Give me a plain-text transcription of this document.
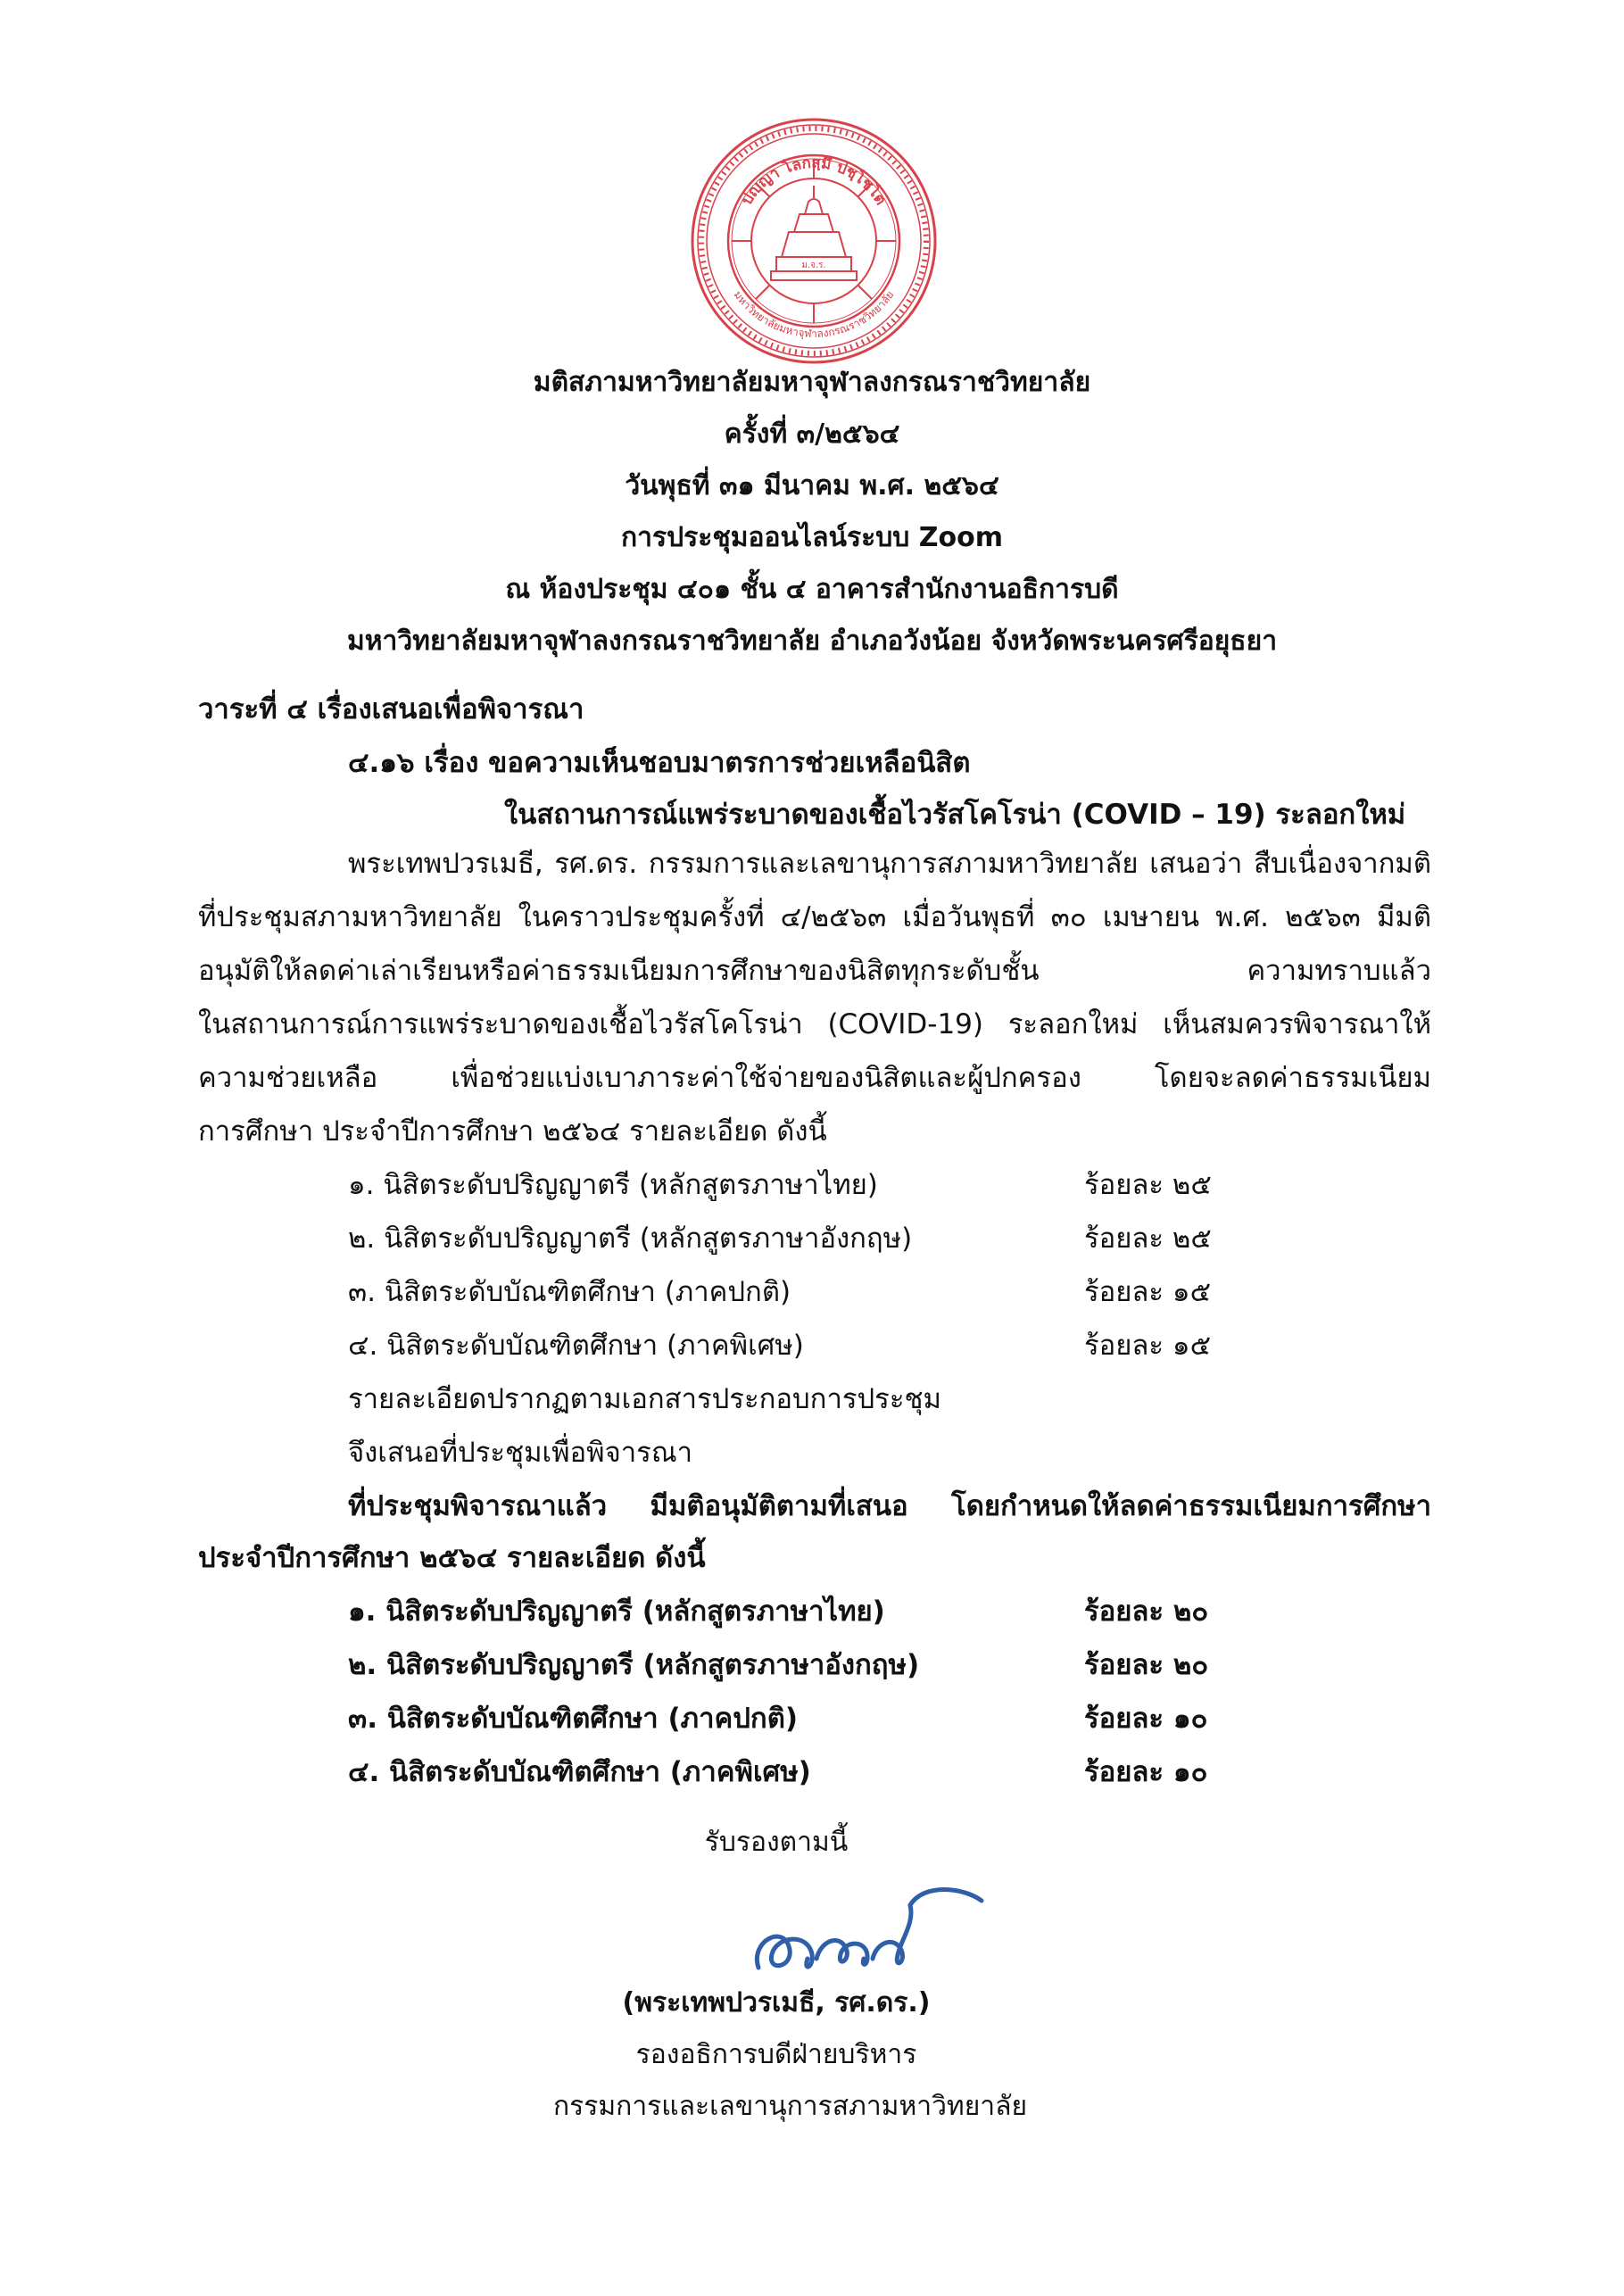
ม.จ.ร.
ปญฺญา โลกสฺมึ ปชฺโชโต
มหาวิทยาลัยมหาจุฬาลงกรณราชวิทยาลัย
มติสภามหาวิทยาลัยมหาจุฬาลงกรณราชวิทยาลัย
ครั้งที่ ๓/๒๕๖๔
วันพุธที่ ๓๑ มีนาคม พ.ศ. ๒๕๖๔
การประชุมออนไลน์ระบบ Zoom
ณ ห้องประชุม ๔๐๑ ชั้น ๔ อาคารสำนักงานอธิการบดี
มหาวิทยาลัยมหาจุฬาลงกรณราชวิทยาลัย อำเภอวังน้อย จังหวัดพระนครศรีอยุธยา
วาระที่ ๔ เรื่องเสนอเพื่อพิจารณา
๔.๑๖ เรื่อง ขอความเห็นชอบมาตรการช่วยเหลือนิสิต
ในสถานการณ์แพร่ระบาดของเชื้อไวรัสโคโรน่า (COVID – 19) ระลอกใหม่
พระเทพปวรเมธี, รศ.ดร. กรรมการและเลขานุการสภามหาวิทยาลัย เสนอว่า สืบเนื่องจากมติ
ที่ประชุมสภามหาวิทยาลัย ในคราวประชุมครั้งที่ ๔/๒๕๖๓ เมื่อวันพุธที่ ๓๐ เมษายน พ.ศ. ๒๕๖๓ มีมติ
อนุมัติให้ลดค่าเล่าเรียนหรือค่าธรรมเนียมการศึกษาของนิสิตทุกระดับชั้น ความทราบแล้ว
ในสถานการณ์การแพร่ระบาดของเชื้อไวรัสโคโรน่า (COVID-19) ระลอกใหม่ เห็นสมควรพิจารณาให้
ความช่วยเหลือ เพื่อช่วยแบ่งเบาภาระค่าใช้จ่ายของนิสิตและผู้ปกครอง โดยจะลดค่าธรรมเนียม
การศึกษา ประจำปีการศึกษา ๒๕๖๔ รายละเอียด ดังนี้
๑. นิสิตระดับปริญญาตรี (หลักสูตรภาษาไทย)	ร้อยละ ๒๕
๒. นิสิตระดับปริญญาตรี (หลักสูตรภาษาอังกฤษ)	ร้อยละ ๒๕
๓. นิสิตระดับบัณฑิตศึกษา (ภาคปกติ)	ร้อยละ ๑๕
๔. นิสิตระดับบัณฑิตศึกษา (ภาคพิเศษ)	ร้อยละ ๑๕
รายละเอียดปรากฏตามเอกสารประกอบการประชุม
จึงเสนอที่ประชุมเพื่อพิจารณา
ที่ประชุมพิจารณาแล้ว มีมติอนุมัติตามที่เสนอ โดยกำหนดให้ลดค่าธรรมเนียมการศึกษา
ประจำปีการศึกษา ๒๕๖๔ รายละเอียด ดังนี้
๑. นิสิตระดับปริญญาตรี (หลักสูตรภาษาไทย)	ร้อยละ ๒๐
๒. นิสิตระดับปริญญาตรี (หลักสูตรภาษาอังกฤษ)	ร้อยละ ๒๐
๓. นิสิตระดับบัณฑิตศึกษา (ภาคปกติ)	ร้อยละ ๑๐
๔. นิสิตระดับบัณฑิตศึกษา (ภาคพิเศษ)	ร้อยละ ๑๐
รับรองตามนี้
(พระเทพปวรเมธี, รศ.ดร.)
รองอธิการบดีฝ่ายบริหาร
กรรมการและเลขานุการสภามหาวิทยาลัย
